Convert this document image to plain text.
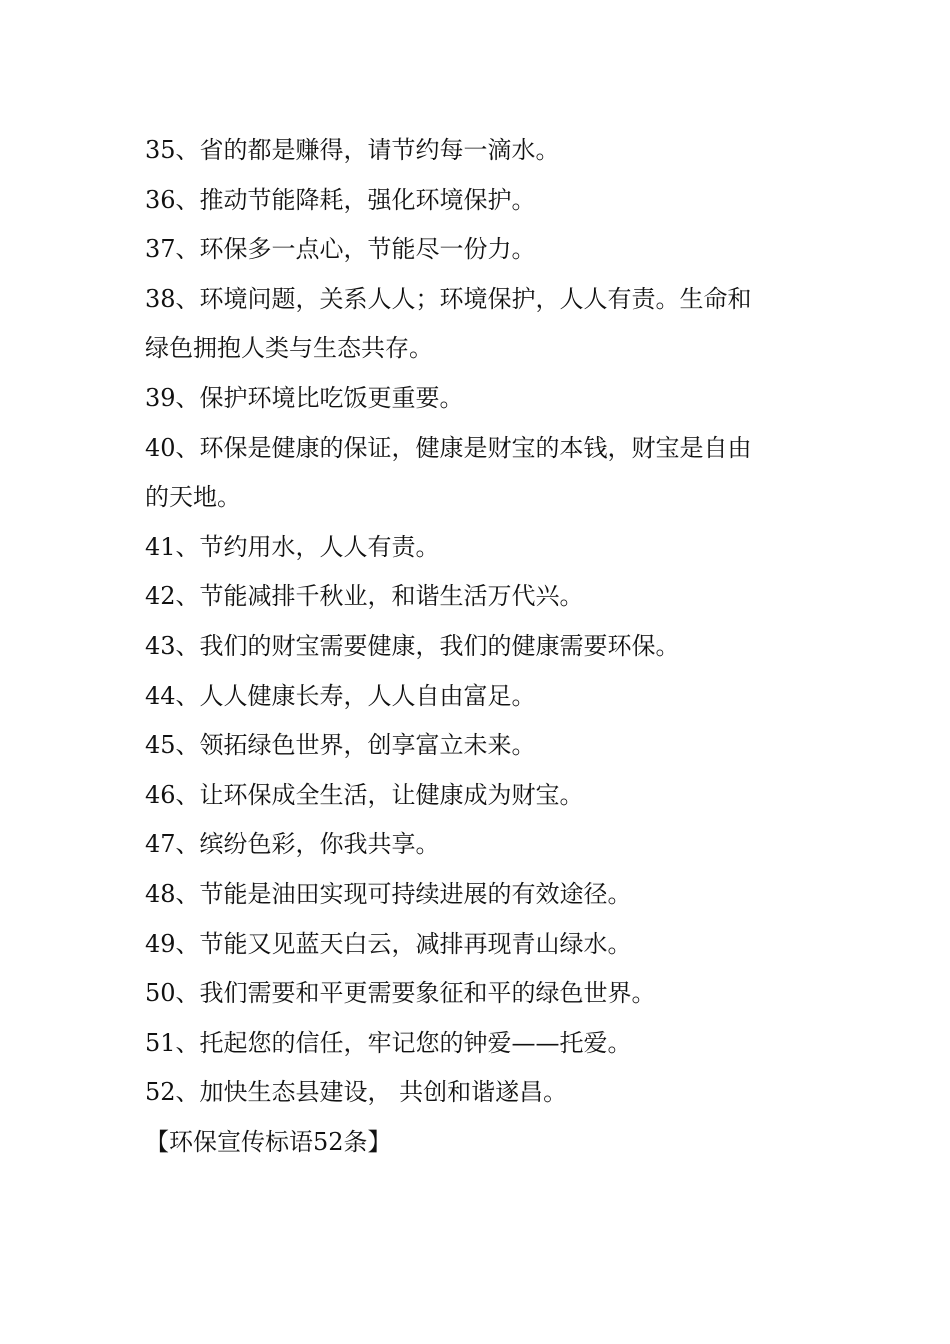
35、省的都是赚得，请节约每一滴水。

36、推动节能降耗，强化环境保护。

37、环保多一点心，节能尽一份力。

38、环境问题，关系人人；环境保护，人人有责。生命和

绿色拥抱人类与生态共存。

39、保护环境比吃饭更重要。

40、环保是健康的保证，健康是财宝的本钱，财宝是自由

的天地。

41、节约用水，人人有责。

42、节能减排千秋业，和谐生活万代兴。

43、我们的财宝需要健康，我们的健康需要环保。

44、人人健康长寿，人人自由富足。

45、领拓绿色世界，创享富立未来。

46、让环保成全生活，让健康成为财宝。

47、缤纷色彩，你我共享。

48、节能是油田实现可持续进展的有效途径。

49、节能又见蓝天白云，减排再现青山绿水。

50、我们需要和平更需要象征和平的绿色世界。

51、托起您的信任，牢记您的钟爱——托爱。

52、加快生态县建设， 共创和谐遂昌。

【环保宣传标语52条】
